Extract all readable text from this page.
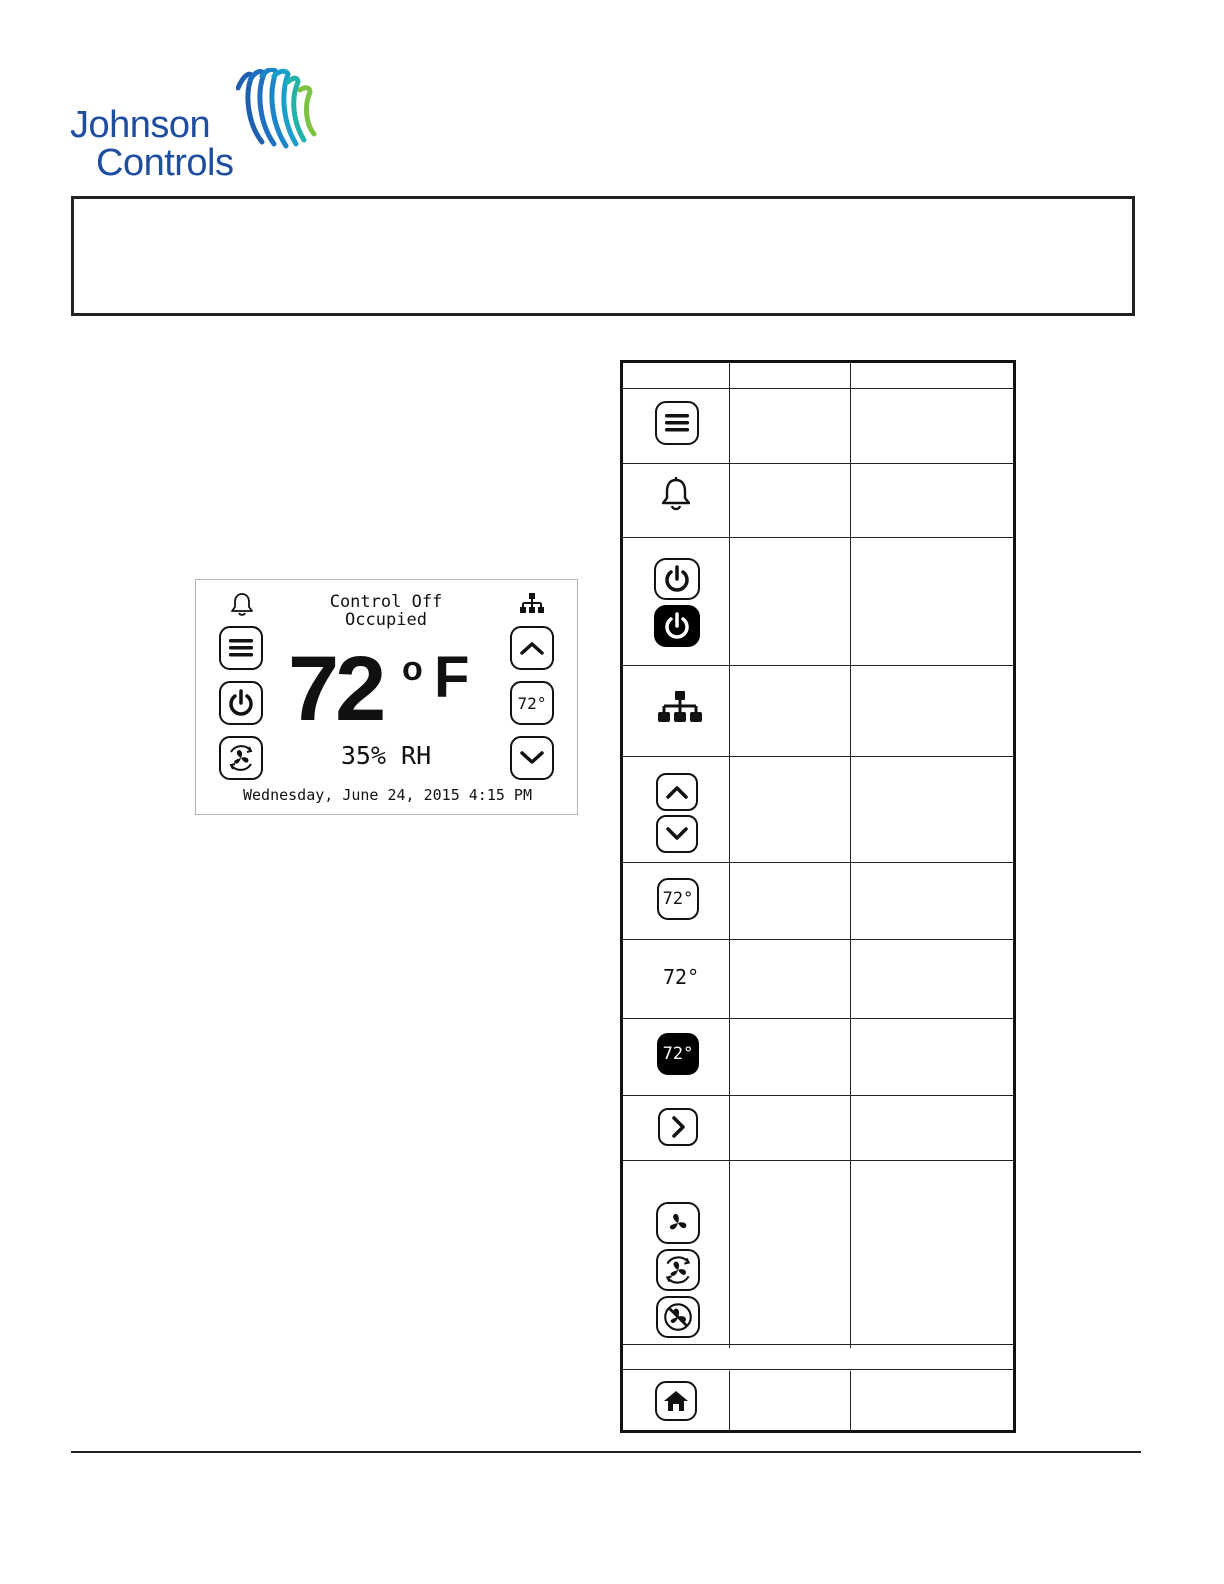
Johnson
Controls
Control Off
Occupied
72 o F
35% RH
72°
Wednesday, June 24, 2015 4:15 PM
72°
72°
72°
